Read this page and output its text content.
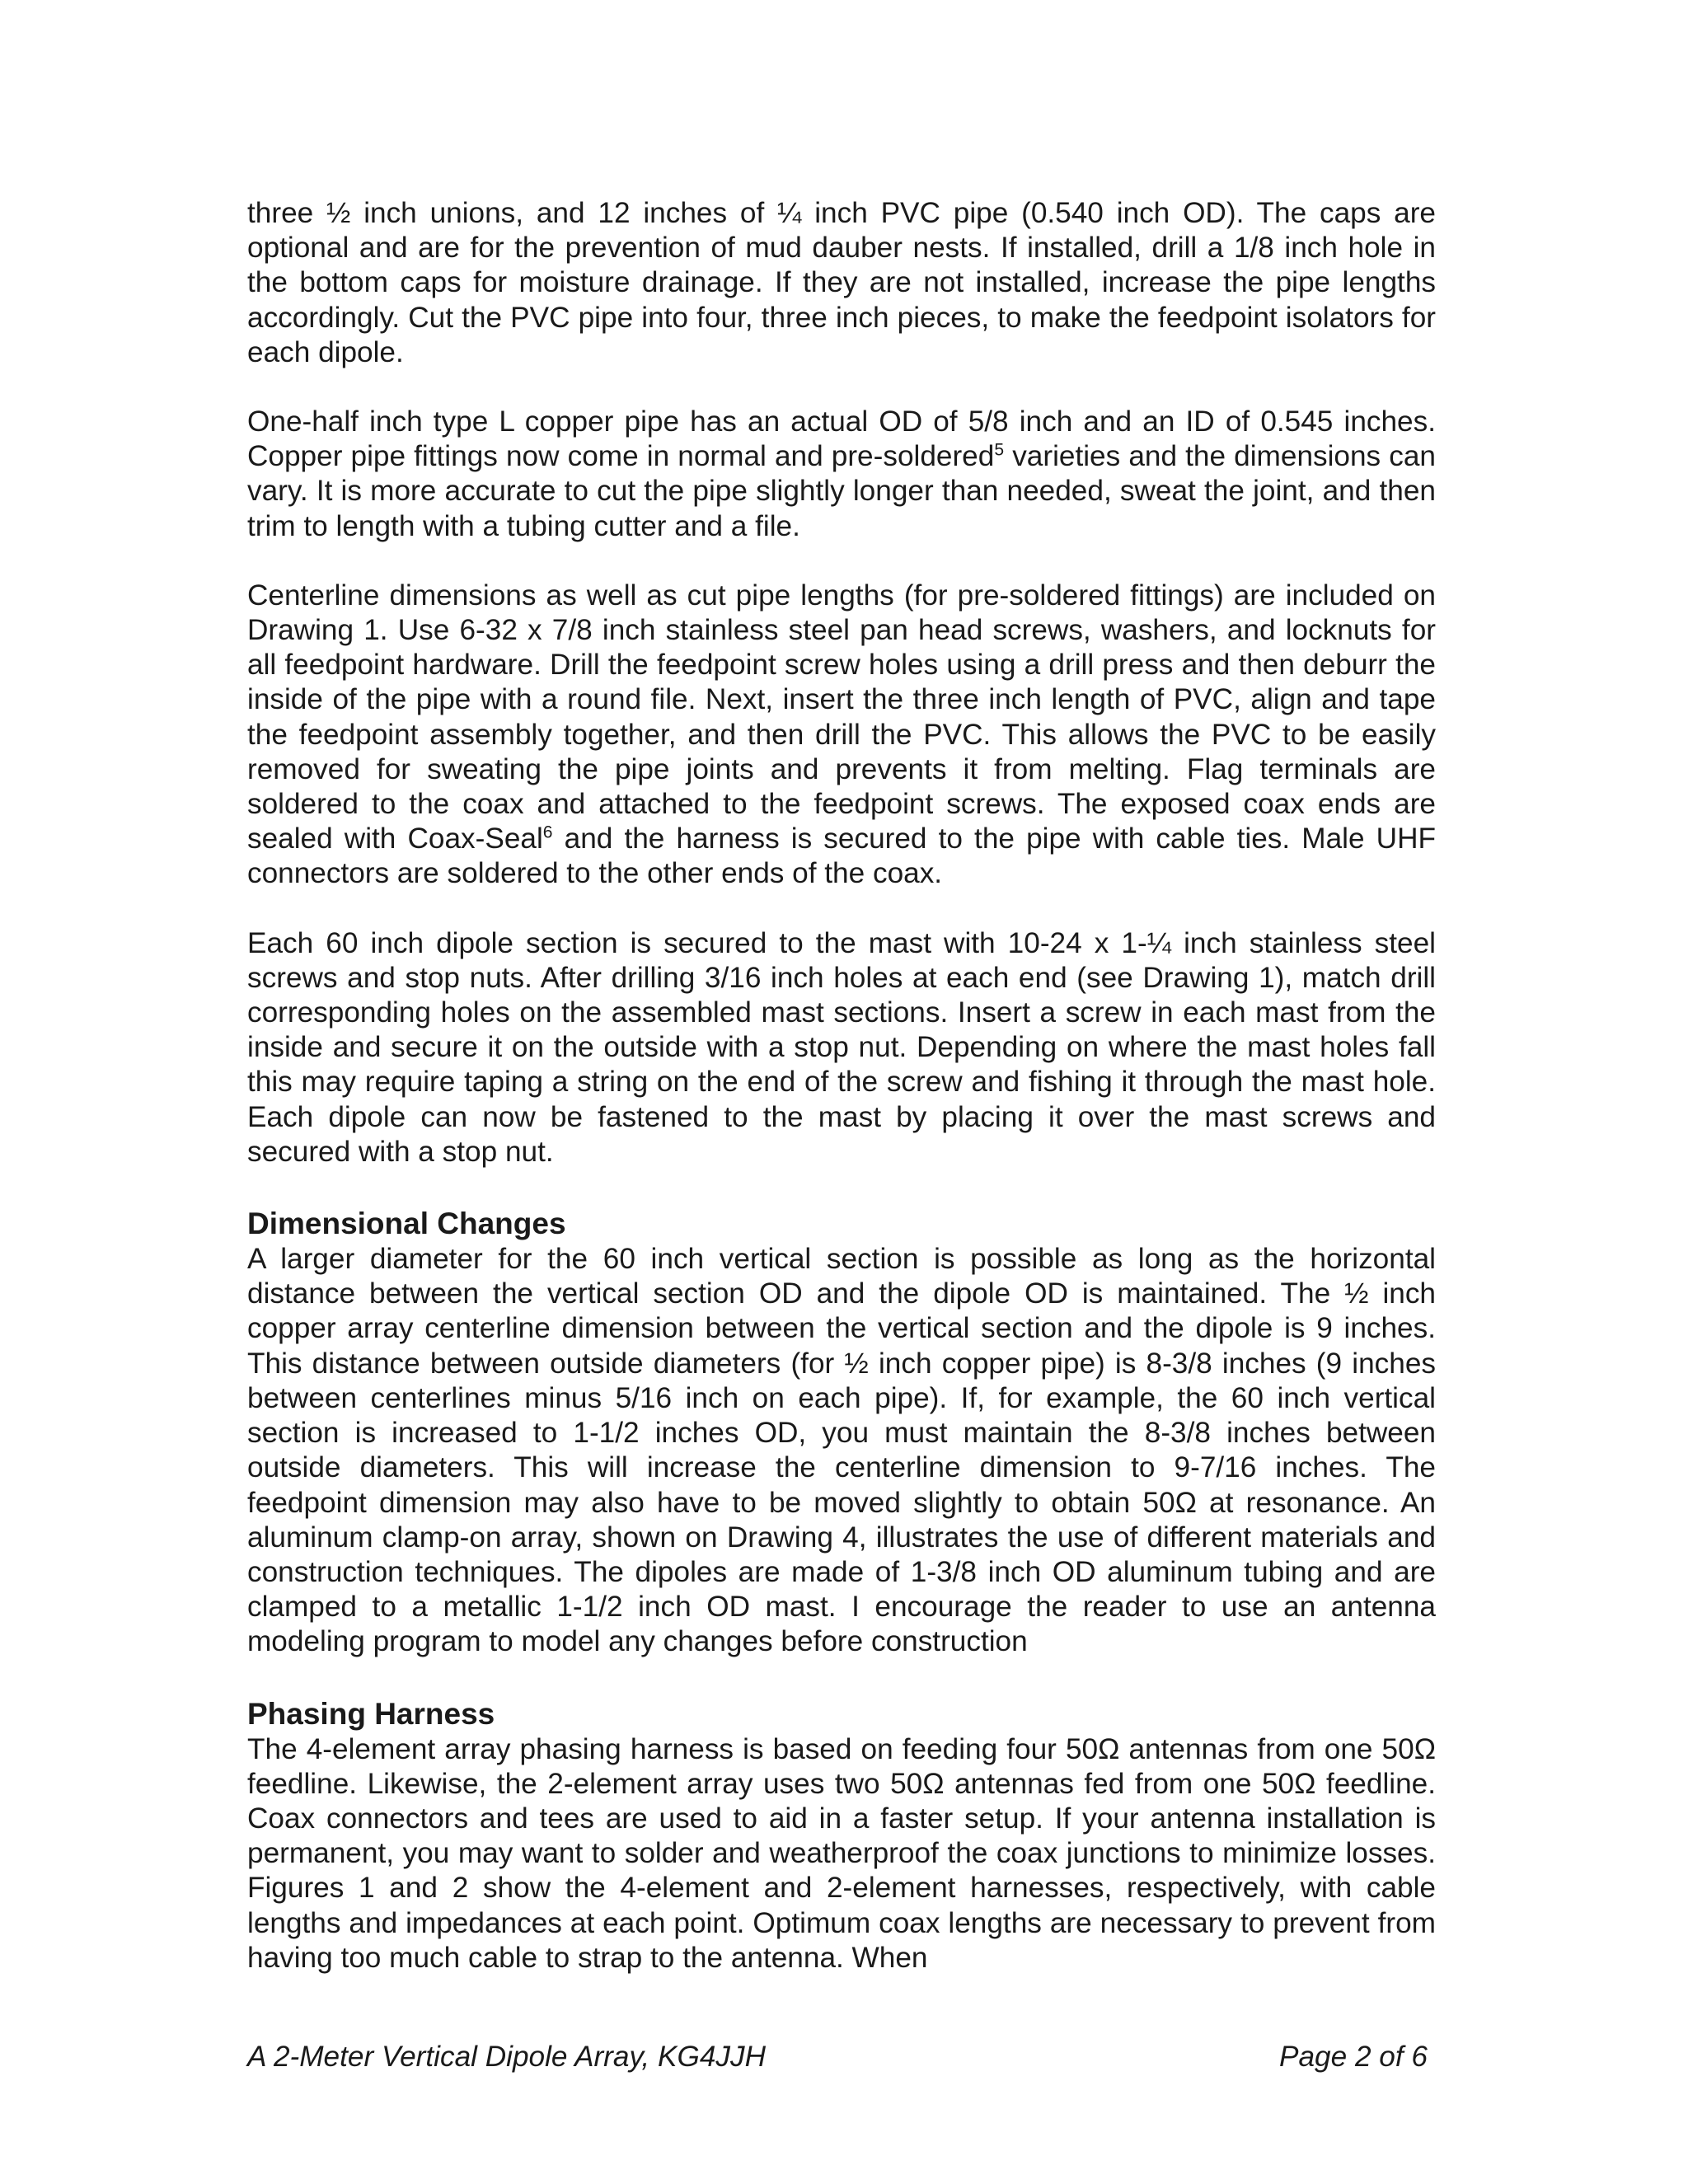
three ½ inch unions, and 12 inches of ¼ inch PVC pipe (0.540 inch OD). The caps are optional and are for the prevention of mud dauber nests. If installed, drill a 1/8 inch hole in the bottom caps for moisture drainage. If they are not installed, increase the pipe lengths accordingly. Cut the PVC pipe into four, three inch pieces, to make the feedpoint isolators for each dipole.

One-half inch type L copper pipe has an actual OD of 5/8 inch and an ID of 0.545 inches. Copper pipe fittings now come in normal and pre-soldered$^5$ varieties and the dimensions can vary. It is more accurate to cut the pipe slightly longer than needed, sweat the joint, and then trim to length with a tubing cutter and a file.

Centerline dimensions as well as cut pipe lengths (for pre-soldered fittings) are included on Drawing 1. Use 6-32 x 7/8 inch stainless steel pan head screws, washers, and locknuts for all feedpoint hardware. Drill the feedpoint screw holes using a drill press and then deburr the inside of the pipe with a round file. Next, insert the three inch length of PVC, align and tape the feedpoint assembly together, and then drill the PVC. This allows the PVC to be easily removed for sweating the pipe joints and prevents it from melting. Flag terminals are soldered to the coax and attached to the feedpoint screws. The exposed coax ends are sealed with Coax-Seal$^6$ and the harness is secured to the pipe with cable ties. Male UHF connectors are soldered to the other ends of the coax.

Each 60 inch dipole section is secured to the mast with 10-24 x 1-¼ inch stainless steel screws and stop nuts. After drilling 3/16 inch holes at each end (see Drawing 1), match drill corresponding holes on the assembled mast sections. Insert a screw in each mast from the inside and secure it on the outside with a stop nut. Depending on where the mast holes fall this may require taping a string on the end of the screw and fishing it through the mast hole. Each dipole can now be fastened to the mast by placing it over the mast screws and secured with a stop nut.

Dimensional Changes

A larger diameter for the 60 inch vertical section is possible as long as the horizontal distance between the vertical section OD and the dipole OD is maintained. The ½ inch copper array centerline dimension between the vertical section and the dipole is 9 inches. This distance between outside diameters (for ½ inch copper pipe) is 8-3/8 inches (9 inches between centerlines minus 5/16 inch on each pipe). If, for example, the 60 inch vertical section is increased to 1-1/2 inches OD, you must maintain the 8-3/8 inches between outside diameters. This will increase the centerline dimension to 9-7/16 inches. The feedpoint dimension may also have to be moved slightly to obtain 50Ω at resonance. An aluminum clamp-on array, shown on Drawing 4, illustrates the use of different materials and construction techniques. The dipoles are made of 1-3/8 inch OD aluminum tubing and are clamped to a metallic 1-1/2 inch OD mast. I encourage the reader to use an antenna modeling program to model any changes before construction

Phasing Harness

The 4-element array phasing harness is based on feeding four 50Ω antennas from one 50Ω feedline. Likewise, the 2-element array uses two 50Ω antennas fed from one 50Ω feedline. Coax connectors and tees are used to aid in a faster setup. If your antenna installation is permanent, you may want to solder and weatherproof the coax junctions to minimize losses. Figures 1 and 2 show the 4-element and 2-element harnesses, respectively, with cable lengths and impedances at each point. Optimum coax lengths are necessary to prevent from having too much cable to strap to the antenna. When

A 2-Meter Vertical Dipole Array, KG4JJH	Page 2 of 6
